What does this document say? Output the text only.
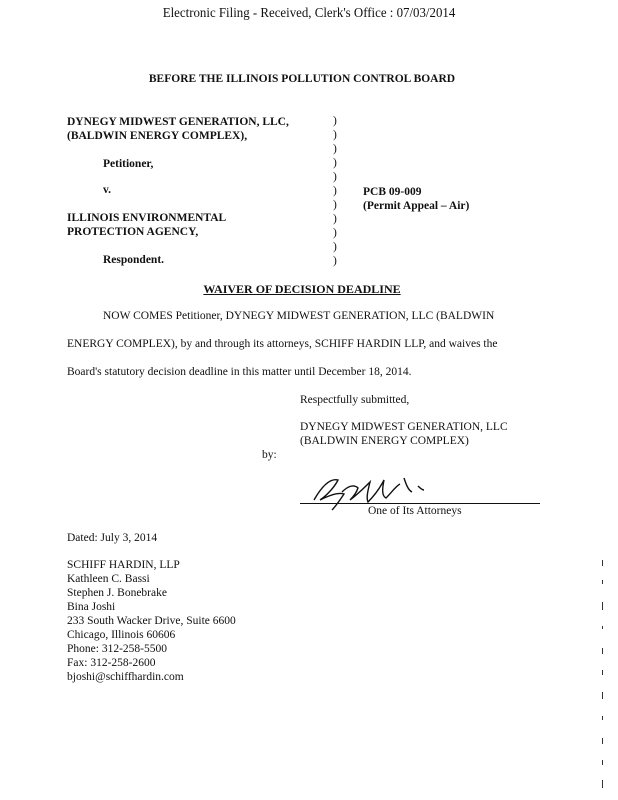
Electronic Filing - Received, Clerk's Office : 07/03/2014
BEFORE THE ILLINOIS POLLUTION CONTROL BOARD
DYNEGY MIDWEST GENERATION, LLC,
(BALDWIN ENERGY COMPLEX),
Petitioner,
v.
ILLINOIS ENVIRONMENTAL
PROTECTION AGENCY,
Respondent.
)
)
)
)
)
)
)
)
)
)
)
PCB 09-009
(Permit Appeal – Air)
WAIVER OF DECISION DEADLINE
NOW COMES Petitioner, DYNEGY MIDWEST GENERATION, LLC (BALDWIN
ENERGY COMPLEX), by and through its attorneys, SCHIFF HARDIN LLP, and waives the
Board's statutory decision deadline in this matter until December 18, 2014.
Respectfully submitted,
DYNEGY MIDWEST GENERATION, LLC
(BALDWIN ENERGY COMPLEX)
by:
One of Its Attorneys
Dated: July 3, 2014
SCHIFF HARDIN, LLP
Kathleen C. Bassi
Stephen J. Bonebrake
Bina Joshi
233 South Wacker Drive, Suite 6600
Chicago, Illinois 60606
Phone: 312-258-5500
Fax: 312-258-2600
bjoshi@schiffhardin.com
